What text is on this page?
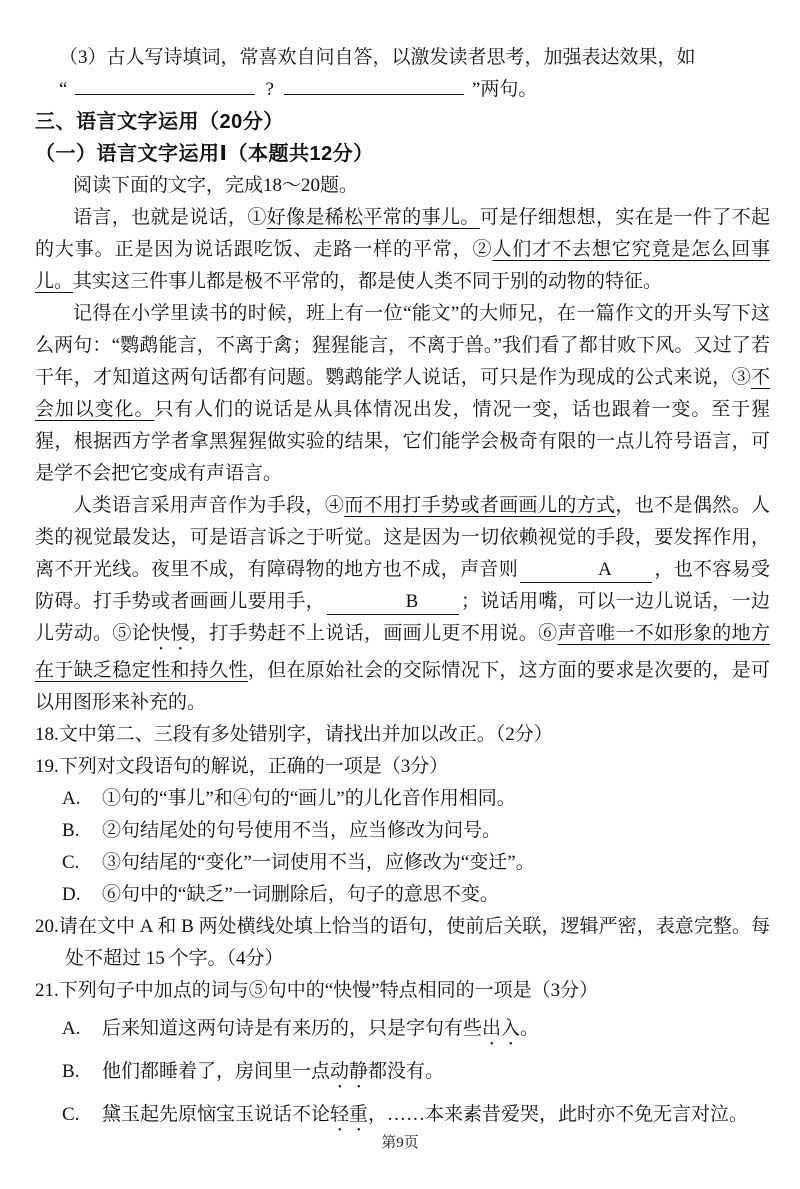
（3）古人写诗填词，常喜欢自问自答，以激发读者思考，加强表达效果，如

“	?	”两句。

三、语言文字运用（20分）

（一）语言文字运用Ⅰ（本题共12分）

阅读下面的文字，完成18～20题。

语言，也就是说话，①好像是稀松平常的事儿。可是仔细想想，实在是一件了不起的大事。正是因为说话跟吃饭、走路一样的平常，②人们才不去想它究竟是怎么回事儿。其实这三件事儿都是极不平常的，都是使人类不同于别的动物的特征。

记得在小学里读书的时候，班上有一位“能文”的大师兄，在一篇作文的开头写下这么两句：“鹦鹉能言，不离于禽；猩猩能言，不离于兽。”我们看了都甘败下风。又过了若干年，才知道这两句话都有问题。鹦鹉能学人说话，可只是作为现成的公式来说，③不会加以变化。只有人们的说话是从具体情况出发，情况一变，话也跟着一变。至于猩猩，根据西方学者拿黑猩猩做实验的结果，它们能学会极奇有限的一点儿符号语言，可是学不会把它变成有声语言。

人类语言采用声音作为手段，④而不用打手势或者画画儿的方式，也不是偶然。人类的视觉最发达，可是语言诉之于听觉。这是因为一切依赖视觉的手段，要发挥作用，离不开光线。夜里不成，有障碍物的地方也不成，声音则	A ，也不容易受防碍。打手势或者画画儿要用手，	B ；说话用嘴，可以一边儿说话，一边儿劳动。⑤论快慢，打手势赶不上说话，画画儿更不用说。⑥声音唯一不如形象的地方在于缺乏稳定性和持久性，但在原始社会的交际情况下，这方面的要求是次要的，是可以用图形来补充的。

18.文中第二、三段有多处错别字，请找出并加以改正。（2分）

19.下列对文段语句的解说，正确的一项是（3分）

A.	①句的“事儿”和④句的“画儿”的儿化音作用相同。
B.	②句结尾处的句号使用不当，应当修改为问号。
C.	③句结尾的“变化”一词使用不当，应修改为“变迁”。
D.	⑥句中的“缺乏”一词删除后，句子的意思不变。

20.请在文中 A 和 B 两处横线处填上恰当的语句，使前后关联，逻辑严密，表意完整。每处不超过 15 个字。（4分）

21.下列句子中加点的词与⑤句中的“快慢”特点相同的一项是（3分）

A.	后来知道这两句诗是有来历的，只是字句有些出入。
B.	他们都睡着了，房间里一点动静都没有。
C.	黛玉起先原恼宝玉说话不论轻重，……本来素昔爱哭，此时亦不免无言对泣。
第9页
